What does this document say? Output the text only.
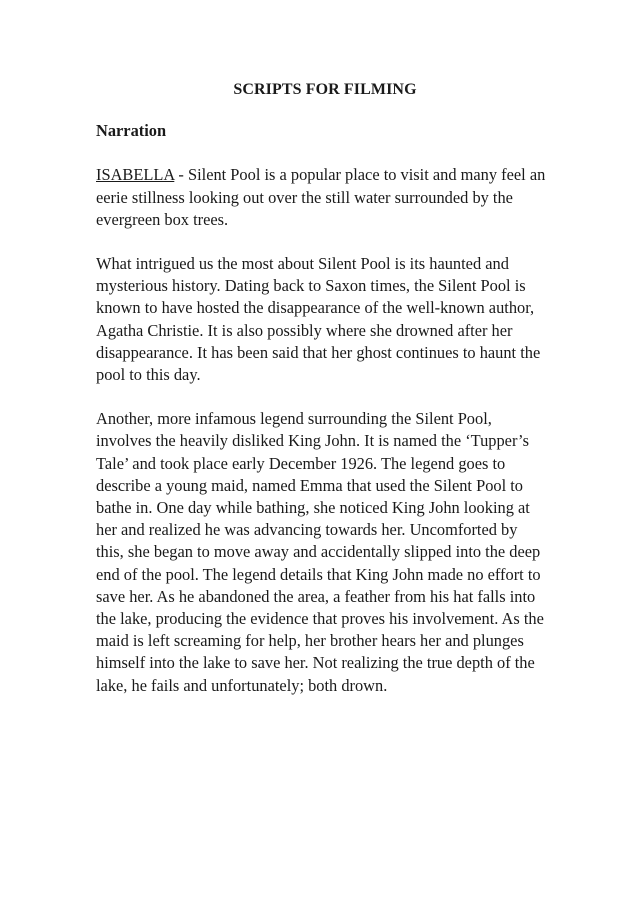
SCRIPTS FOR FILMING
Narration

ISABELLA - Silent Pool is a popular place to visit and many feel an eerie stillness looking out over the still water surrounded by the evergreen box trees.

What intrigued us the most about Silent Pool is its haunted and mysterious history. Dating back to Saxon times, the Silent Pool is known to have hosted the disappearance of the well-known author, Agatha Christie. It is also possibly where she drowned after her disappearance. It has been said that her ghost continues to haunt the pool to this day.

Another, more infamous legend surrounding the Silent Pool, involves the heavily disliked King John. It is named the ‘Tupper’s Tale’ and took place early December 1926. The legend goes to describe a young maid, named Emma that used the Silent Pool to bathe in. One day while bathing, she noticed King John looking at her and realized he was advancing towards her. Uncomforted by this, she began to move away and accidentally slipped into the deep end of the pool. The legend details that King John made no effort to save her. As he abandoned the area, a feather from his hat falls into the lake, producing the evidence that proves his involvement. As the maid is left screaming for help, her brother hears her and plunges himself into the lake to save her. Not realizing the true depth of the lake, he fails and unfortunately; both drown.
